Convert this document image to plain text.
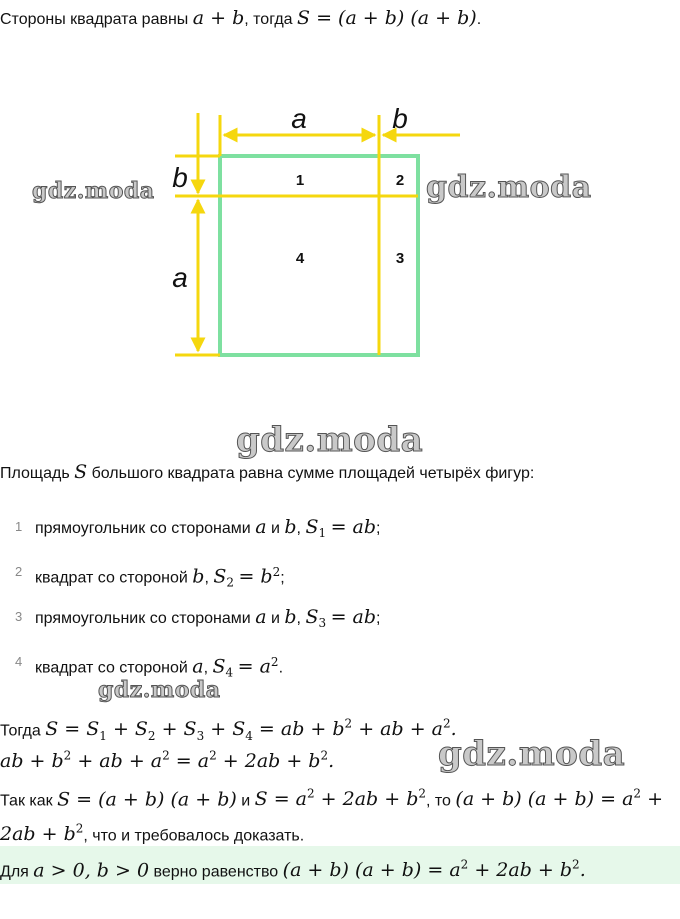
Стороны квадрата равны a + b, тогда S = (a + b) (a + b).
a	b
b
a
1	2
4	3
gdz.moda	gdz.moda
gdz.moda
gdz.moda
gdz.moda
Площадь S большого квадрата равна сумме площадей четырёх фигур:
1 прямоугольник со сторонами a и b, $S_1$ = ab;
2 квадрат со стороной b, $S_2 = b^2$;
3 прямоугольник со сторонами a и b, $S_3$ = ab;
4 квадрат со стороной a, $S_4 = a^2$.
Тогда $S = S_1 + S_2 + S_3 + S_4$ = ab + $b^2$ + ab + $a^2$.
ab + $b^2$ + ab + $a^2 = a^2 + 2ab + b^2$.
Так как S = (a + b) (a + b) и $S = a^2 + 2ab + b^2$, то (a + b) $(a + b) = a^2$ +
$2ab + b^2$, что и требовалось доказать.
Для a > 0, b > 0 верно равенство (a + b) $(a + b) = a^2 + 2ab + b^2$.
